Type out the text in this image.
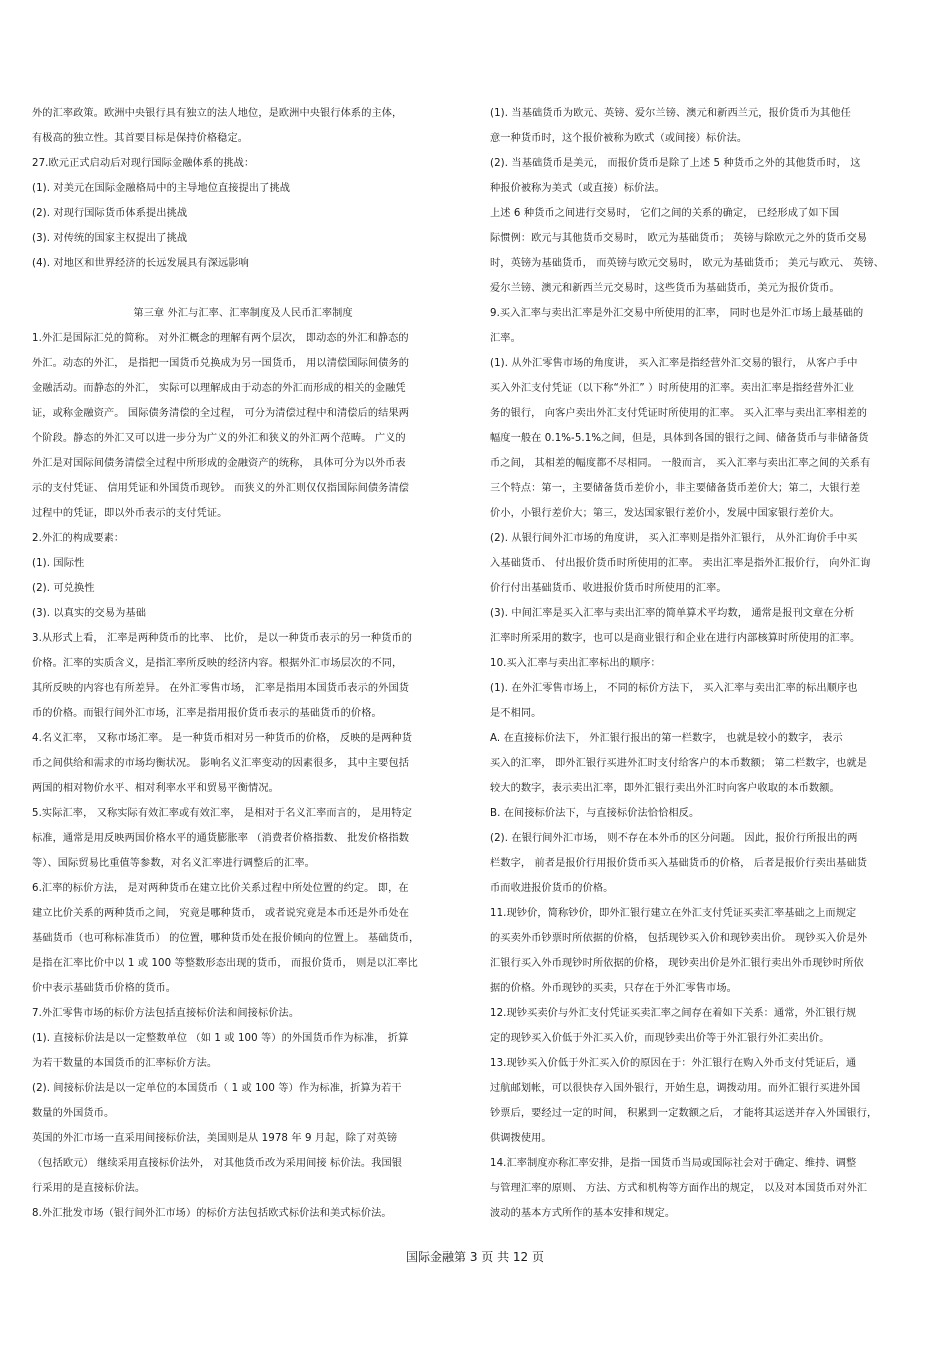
外的汇率政策。欧洲中央银行具有独立的法人地位，是欧洲中央银行体系的主体，
有极高的独立性。其首要目标是保持价格稳定。
27.欧元正式启动后对现行国际金融体系的挑战：
(1). 对美元在国际金融格局中的主导地位直接提出了挑战
(2). 对现行国际货币体系提出挑战
(3). 对传统的国家主权提出了挑战
(4). 对地区和世界经济的长远发展具有深远影响
第三章 外汇与汇率、汇率制度及人民币汇率制度
1.外汇是国际汇兑的简称。 对外汇概念的理解有两个层次， 即动态的外汇和静态的
外汇。动态的外汇， 是指把一国货币兑换成为另一国货币， 用以清偿国际间债务的
金融活动。而静态的外汇， 实际可以理解成由于动态的外汇而形成的相关的金融凭
证，或称金融资产。 国际债务清偿的全过程， 可分为清偿过程中和清偿后的结果两
个阶段。静态的外汇又可以进一步分为广义的外汇和狭义的外汇两个范畴。 广义的
外汇是对国际间债务清偿全过程中所形成的金融资产的统称， 具体可分为以外币表
示的支付凭证、 信用凭证和外国货币现钞。 而狭义的外汇则仅仅指国际间债务清偿
过程中的凭证，即以外币表示的支付凭证。
2.外汇的构成要素：
(1). 国际性
(2). 可兑换性
(3). 以真实的交易为基础
3.从形式上看， 汇率是两种货币的比率、 比价， 是以一种货币表示的另一种货币的
价格。汇率的实质含义，是指汇率所反映的经济内容。根据外汇市场层次的不同，
其所反映的内容也有所差异。 在外汇零售市场， 汇率是指用本国货币表示的外国货
币的价格。而银行间外汇市场，汇率是指用报价货币表示的基础货币的价格。
4.名义汇率， 又称市场汇率。 是一种货币相对另一种货币的价格， 反映的是两种货
币之间供给和需求的市场均衡状况。 影响名义汇率变动的因素很多， 其中主要包括
两国的相对物价水平、相对利率水平和贸易平衡情况。
5.实际汇率， 又称实际有效汇率或有效汇率， 是相对于名义汇率而言的， 是用特定
标准，通常是用反映两国价格水平的通货膨胀率 （消费者价格指数、 批发价格指数
等）、国际贸易比重值等参数，对名义汇率进行调整后的汇率。
6.汇率的标价方法， 是对两种货币在建立比价关系过程中所处位置的约定。 即，在
建立比价关系的两种货币之间， 究竟是哪种货币， 或者说究竟是本币还是外币处在
基础货币（也可称标准货币） 的位置，哪种货币处在报价倾向的位置上。 基础货币，
是指在汇率比价中以 1 或 100 等整数形态出现的货币， 而报价货币， 则是以汇率比
价中表示基础货币价格的货币。
7.外汇零售市场的标价方法包括直接标价法和间接标价法。
(1). 直接标价法是以一定整数单位 （如 1 或 100 等）的外国货币作为标准， 折算
为若干数量的本国货币的汇率标价方法。
(2). 间接标价法是以一定单位的本国货币（ 1 或 100 等）作为标准，折算为若干
数量的外国货币。
英国的外汇市场一直采用间接标价法，美国则是从 1978 年 9 月起，除了对英镑
（包括欧元） 继续采用直接标价法外， 对其他货币改为采用间接 标价法。我国银
行采用的是直接标价法。
8.外汇批发市场（银行间外汇市场）的标价方法包括欧式标价法和美式标价法。
(1). 当基础货币为欧元、英镑、爱尔兰镑、澳元和新西兰元，报价货币为其他任
意一种货币时，这个报价被称为欧式（或间接）标价法。
(2). 当基础货币是美元， 而报价货币是除了上述 5 种货币之外的其他货币时， 这
种报价被称为美式（或直接）标价法。
上述 6 种货币之间进行交易时， 它们之间的关系的确定， 已经形成了如下国
际惯例：欧元与其他货币交易时， 欧元为基础货币； 英镑与除欧元之外的货币交易
时，英镑为基础货币， 而英镑与欧元交易时， 欧元为基础货币； 美元与欧元、 英镑、
爱尔兰镑、澳元和新西兰元交易时，这些货币为基础货币，美元为报价货币。
9.买入汇率与卖出汇率是外汇交易中所使用的汇率， 同时也是外汇市场上最基础的
汇率。
(1). 从外汇零售市场的角度讲， 买入汇率是指经营外汇交易的银行， 从客户手中
买入外汇支付凭证（以下称“外汇” ）时所使用的汇率。卖出汇率是指经营外汇业
务的银行， 向客户卖出外汇支付凭证时所使用的汇率。 买入汇率与卖出汇率相差的
幅度一般在 0.1%-5.1%之间，但是，具体到各国的银行之间、储备货币与非储备货
币之间， 其相差的幅度都不尽相同。 一般而言， 买入汇率与卖出汇率之间的关系有
三个特点：第一，主要储备货币差价小，非主要储备货币差价大；第二，大银行差
价小，小银行差价大；第三，发达国家银行差价小，发展中国家银行差价大。
(2). 从银行间外汇市场的角度讲， 买入汇率则是指外汇银行， 从外汇询价手中买
入基础货币、 付出报价货币时所使用的汇率。 卖出汇率是指外汇报价行， 向外汇询
价行付出基础货币、收进报价货币时所使用的汇率。
(3). 中间汇率是买入汇率与卖出汇率的简单算术平均数， 通常是报刊文章在分析
汇率时所采用的数字，也可以是商业银行和企业在进行内部核算时所使用的汇率。
10.买入汇率与卖出汇率标出的顺序：
(1). 在外汇零售市场上， 不同的标价方法下， 买入汇率与卖出汇率的标出顺序也
是不相同。
A. 在直接标价法下， 外汇银行报出的第一栏数字， 也就是较小的数字， 表示
买入的汇率， 即外汇银行买进外汇时支付给客户的本币数额； 第二栏数字，也就是
较大的数字，表示卖出汇率，即外汇银行卖出外汇时向客户收取的本币数额。
B. 在间接标价法下，与直接标价法恰恰相反。
(2). 在银行间外汇市场， 则不存在本外币的区分问题。 因此，报价行所报出的两
栏数字， 前者是报价行用报价货币买入基础货币的价格， 后者是报价行卖出基础货
币而收进报价货币的价格。
11.现钞价，简称钞价，即外汇银行建立在外汇支付凭证买卖汇率基础之上而规定
的买卖外币钞票时所依据的价格， 包括现钞买入价和现钞卖出价。 现钞买入价是外
汇银行买入外币现钞时所依据的价格， 现钞卖出价是外汇银行卖出外币现钞时所依
据的价格。外币现钞的买卖，只存在于外汇零售市场。
12.现钞买卖价与外汇支付凭证买卖汇率之间存在着如下关系：通常，外汇银行规
定的现钞买入价低于外汇买入价，而现钞卖出价等于外汇银行外汇卖出价。
13.现钞买入价低于外汇买入价的原因在于：外汇银行在购入外币支付凭证后，通
过航邮划帐，可以很快存入国外银行，开始生息，调拨动用。而外汇银行买进外国
钞票后，要经过一定的时间， 积累到一定数额之后， 才能将其运送并存入外国银行，
供调拨使用。
14.汇率制度亦称汇率安排，是指一国货币当局或国际社会对于确定、维持、调整
与管理汇率的原则、 方法、方式和机构等方面作出的规定， 以及对本国货币对外汇
波动的基本方式所作的基本安排和规定。
国际金融第 3 页 共 12 页
